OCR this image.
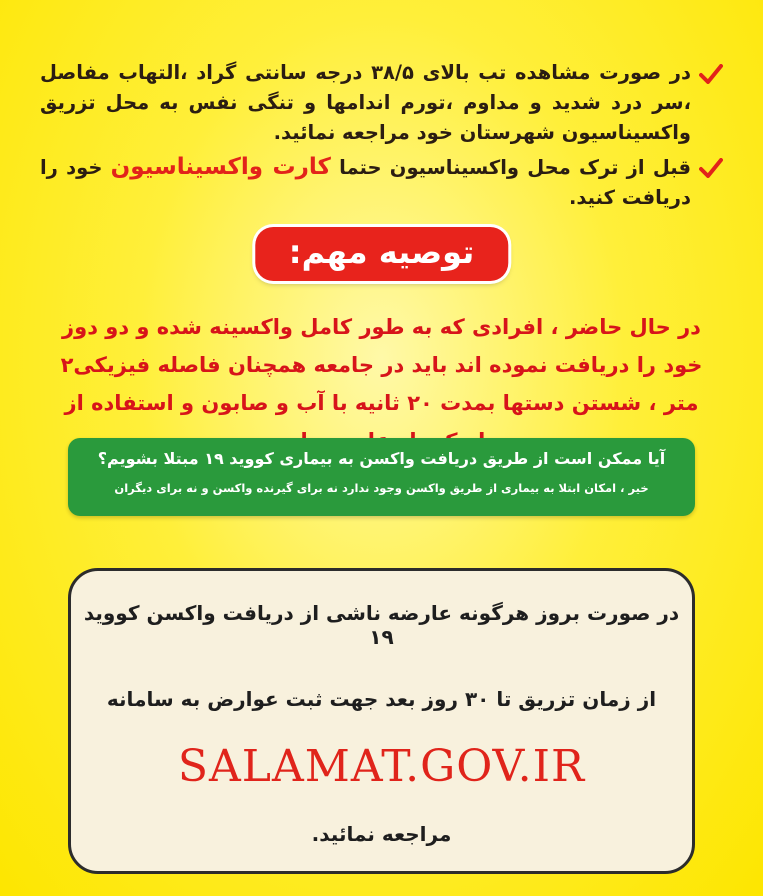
در صورت مشاهده تب بالای ۳۸/۵ درجه سانتی گراد ،التهاب مفاصل ،سر درد شدید و مداوم ،تورم اندامها و تنگی نفس به محل تزریق واکسیناسیون شهرستان خود مراجعه نمائید.
قبل از ترک محل واکسیناسیون حتما کارت واکسیناسیون خود را دریافت کنید.
توصیه مهم:
در حال حاضر ، افرادی که به طور کامل واکسینه شده و دو دوز خود را دریافت نموده اند باید در جامعه همچنان فاصله فیزیکی۲ متر ، شستن دستها بمدت ۲۰ ثانیه با آب و صابون و استفاده از
آیا ممکن است از طریق دریافت واکسن به بیماری کووید ۱۹ مبتلا بشویم؟
خیر ، امکان ابتلا به بیماری از طریق واکسن وجود ندارد نه برای گیرنده واکسن و نه برای دیگران
در صورت بروز هرگونه عارضه ناشی از دریافت واکسن کووید ۱۹
از زمان تزریق تا ۳۰ روز بعد جهت ثبت عوارض به سامانه
SALAMAT.GOV.IR
مراجعه نمائید.
